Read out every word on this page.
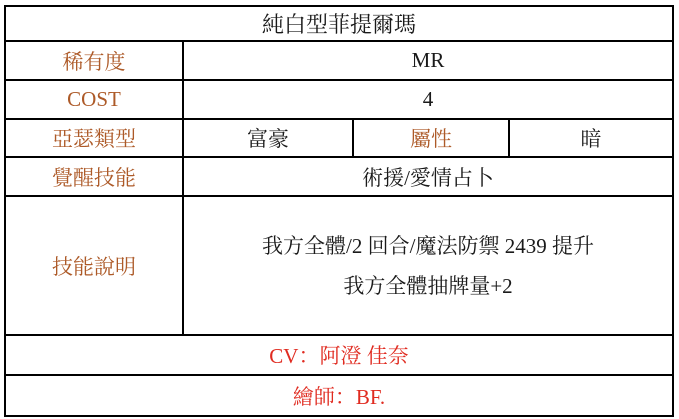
純白型菲提爾瑪			
稀有度	MR		
COST	4		
亞瑟類型	富豪	屬性	暗
覺醒技能	術援/愛情占卜		
技能說明	我方全體/2 回合/魔法防禦 2439 提升
我方全體抽牌量+2		

CV：阿澄 佳奈			
繪師：BF.			
